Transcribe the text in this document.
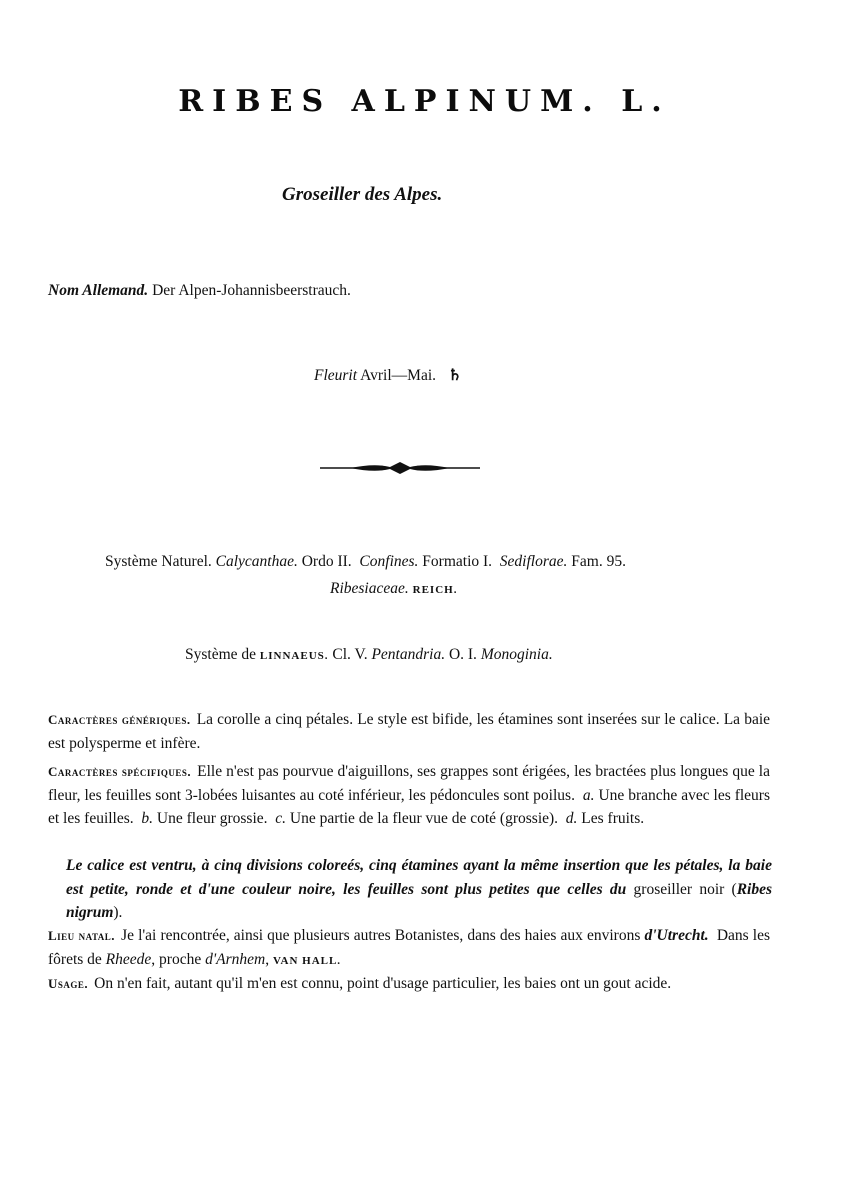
RIBES ALPINUM. L.
Groseiller des Alpes.
Nom Allemand. Der Alpen-Johannisbeerstrauch.
Fleurit Avril—Mai. ♄
Système Naturel. Calycanthae. Ordo II. Confines. Formatio I. Sediflorae. Fam. 95.
Ribesiaceae. REICH.
Système de LINNAEUS. Cl. V. Pentandria. O. I. Monoginia.
Caractères génériques. La corolle a cinq pétales. Le style est bifide, les étamines sont inserées sur le calice. La baie est polysperme et infère.
Caractères spécifiques. Elle n'est pas pourvue d'aiguillons, ses grappes sont érigées, les bractées plus longues que la fleur, les feuilles sont 3-lobées luisantes au coté inférieur, les pédoncules sont poilus. a. Une branche avec les fleurs et les feuilles. b. Une fleur grossie. c. Une partie de la fleur vue de coté (grossie). d. Les fruits.
Le calice est ventru, à cinq divisions coloreés, cinq étamines ayant la même insertion que les pétales, la baie est petite, ronde et d'une couleur noire, les feuilles sont plus petites que celles du groseiller noir (Ribes nigrum).
Lieu natal. Je l'ai rencontrée, ainsi que plusieurs autres Botanistes, dans des haies aux environs d'Utrecht. Dans les fôrets de Rheede, proche d'Arnhem, VAN HALL.
Usage. On n'en fait, autant qu'il m'en est connu, point d'usage particulier, les baies ont un gout acide.
